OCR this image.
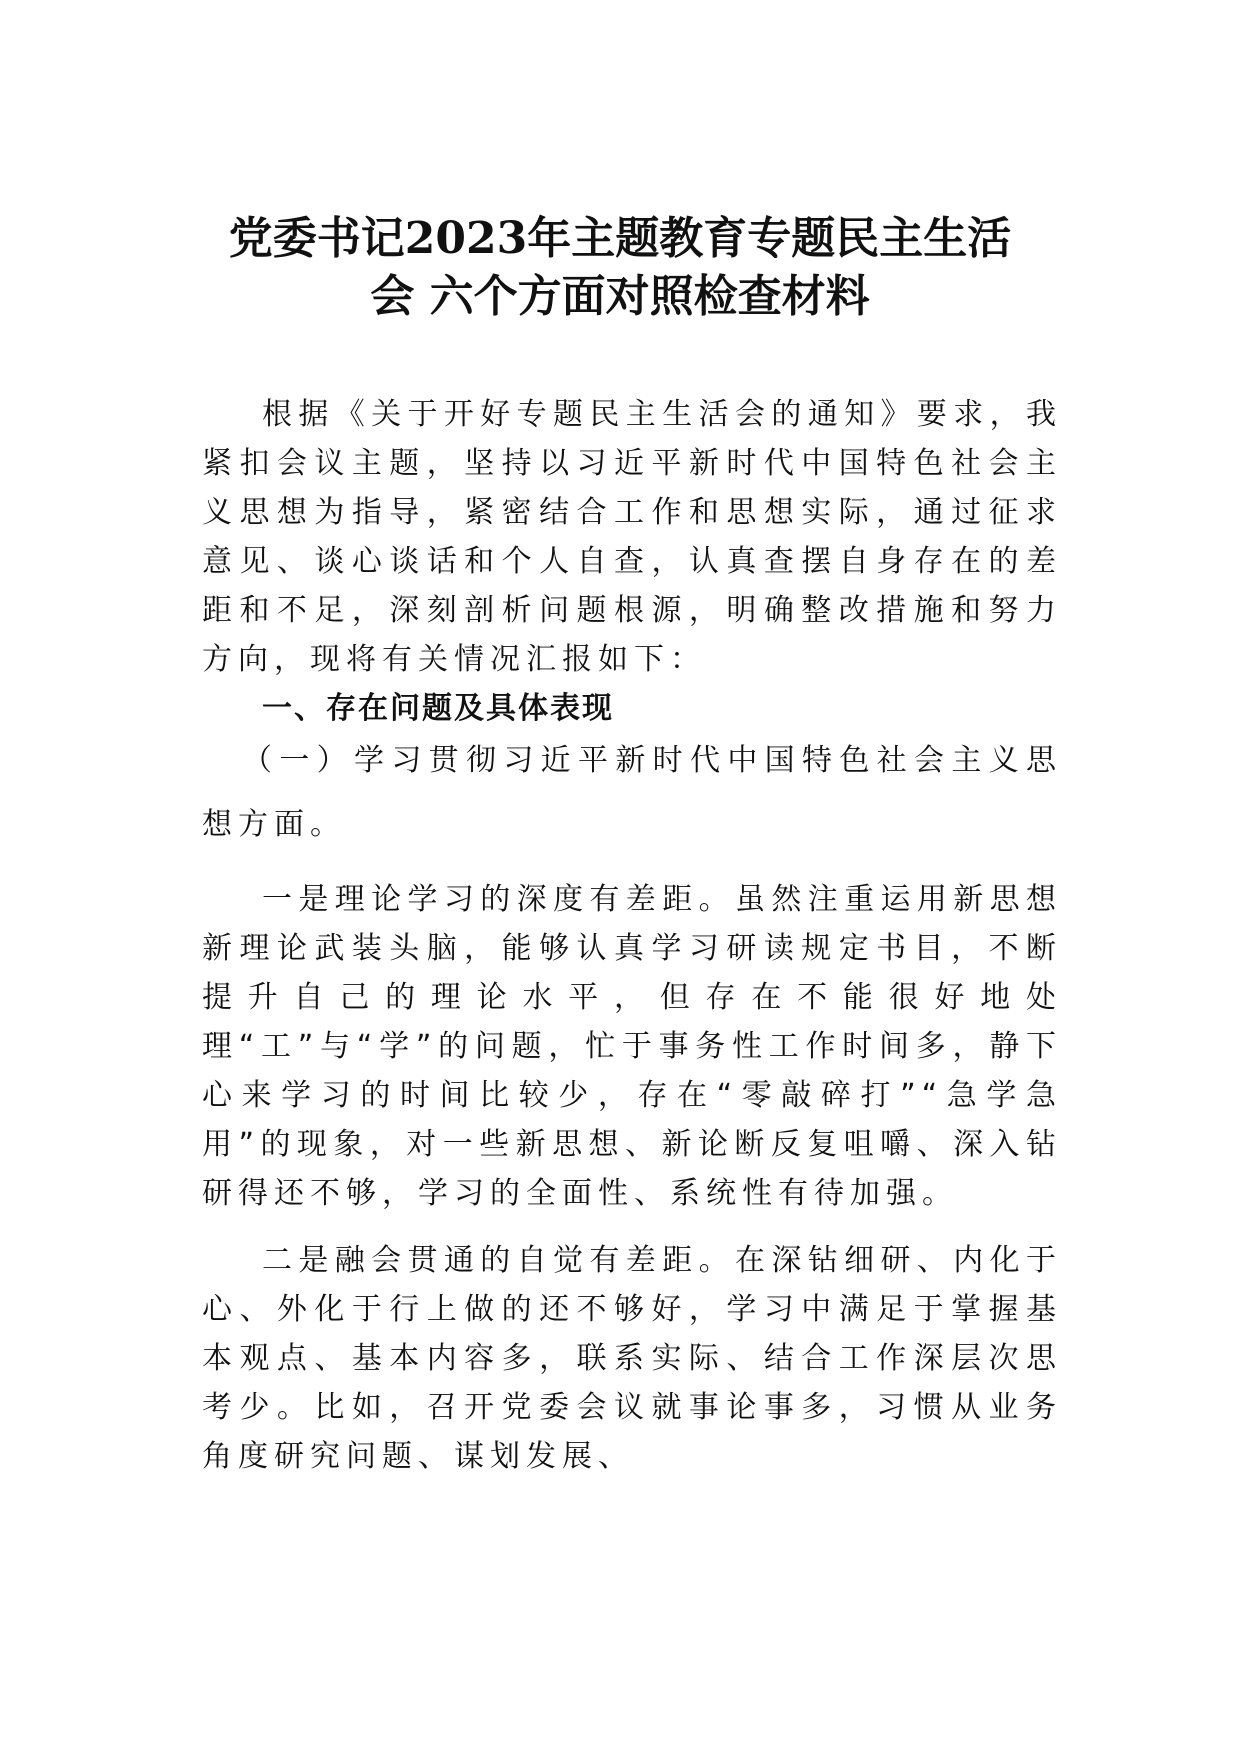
党委书记2023年主题教育专题民主生活
会 六个方面对照检查材料

根据《关于开好专题民主生活会的通知》要求，我紧扣会议主题，坚持以习近平新时代中国特色社会主义思想为指导，紧密结合工作和思想实际，通过征求意见、谈心谈话和个人自查，认真查摆自身存在的差距和不足，深刻剖析问题根源，明确整改措施和努力方向，现将有关情况汇报如下：

一、存在问题及具体表现

（一）学习贯彻习近平新时代中国特色社会主义思想方面。

一是理论学习的深度有差距。虽然注重运用新思想新理论武装头脑，能够认真学习研读规定书目，不断提升自己的理论水平，但存在不能很好地处理“工”与“学”的问题，忙于事务性工作时间多，静下心来学习的时间比较少，存在“零敲碎打”“急学急用”的现象，对一些新思想、新论断反复咀嚼、深入钻研得还不够，学习的全面性、系统性有待加强。

二是融会贯通的自觉有差距。在深钻细研、内化于心、外化于行上做的还不够好，学习中满足于掌握基本观点、基本内容多，联系实际、结合工作深层次思考少。比如，召开党委会议就事论事多，习惯从业务角度研究问题、谋划发展、
